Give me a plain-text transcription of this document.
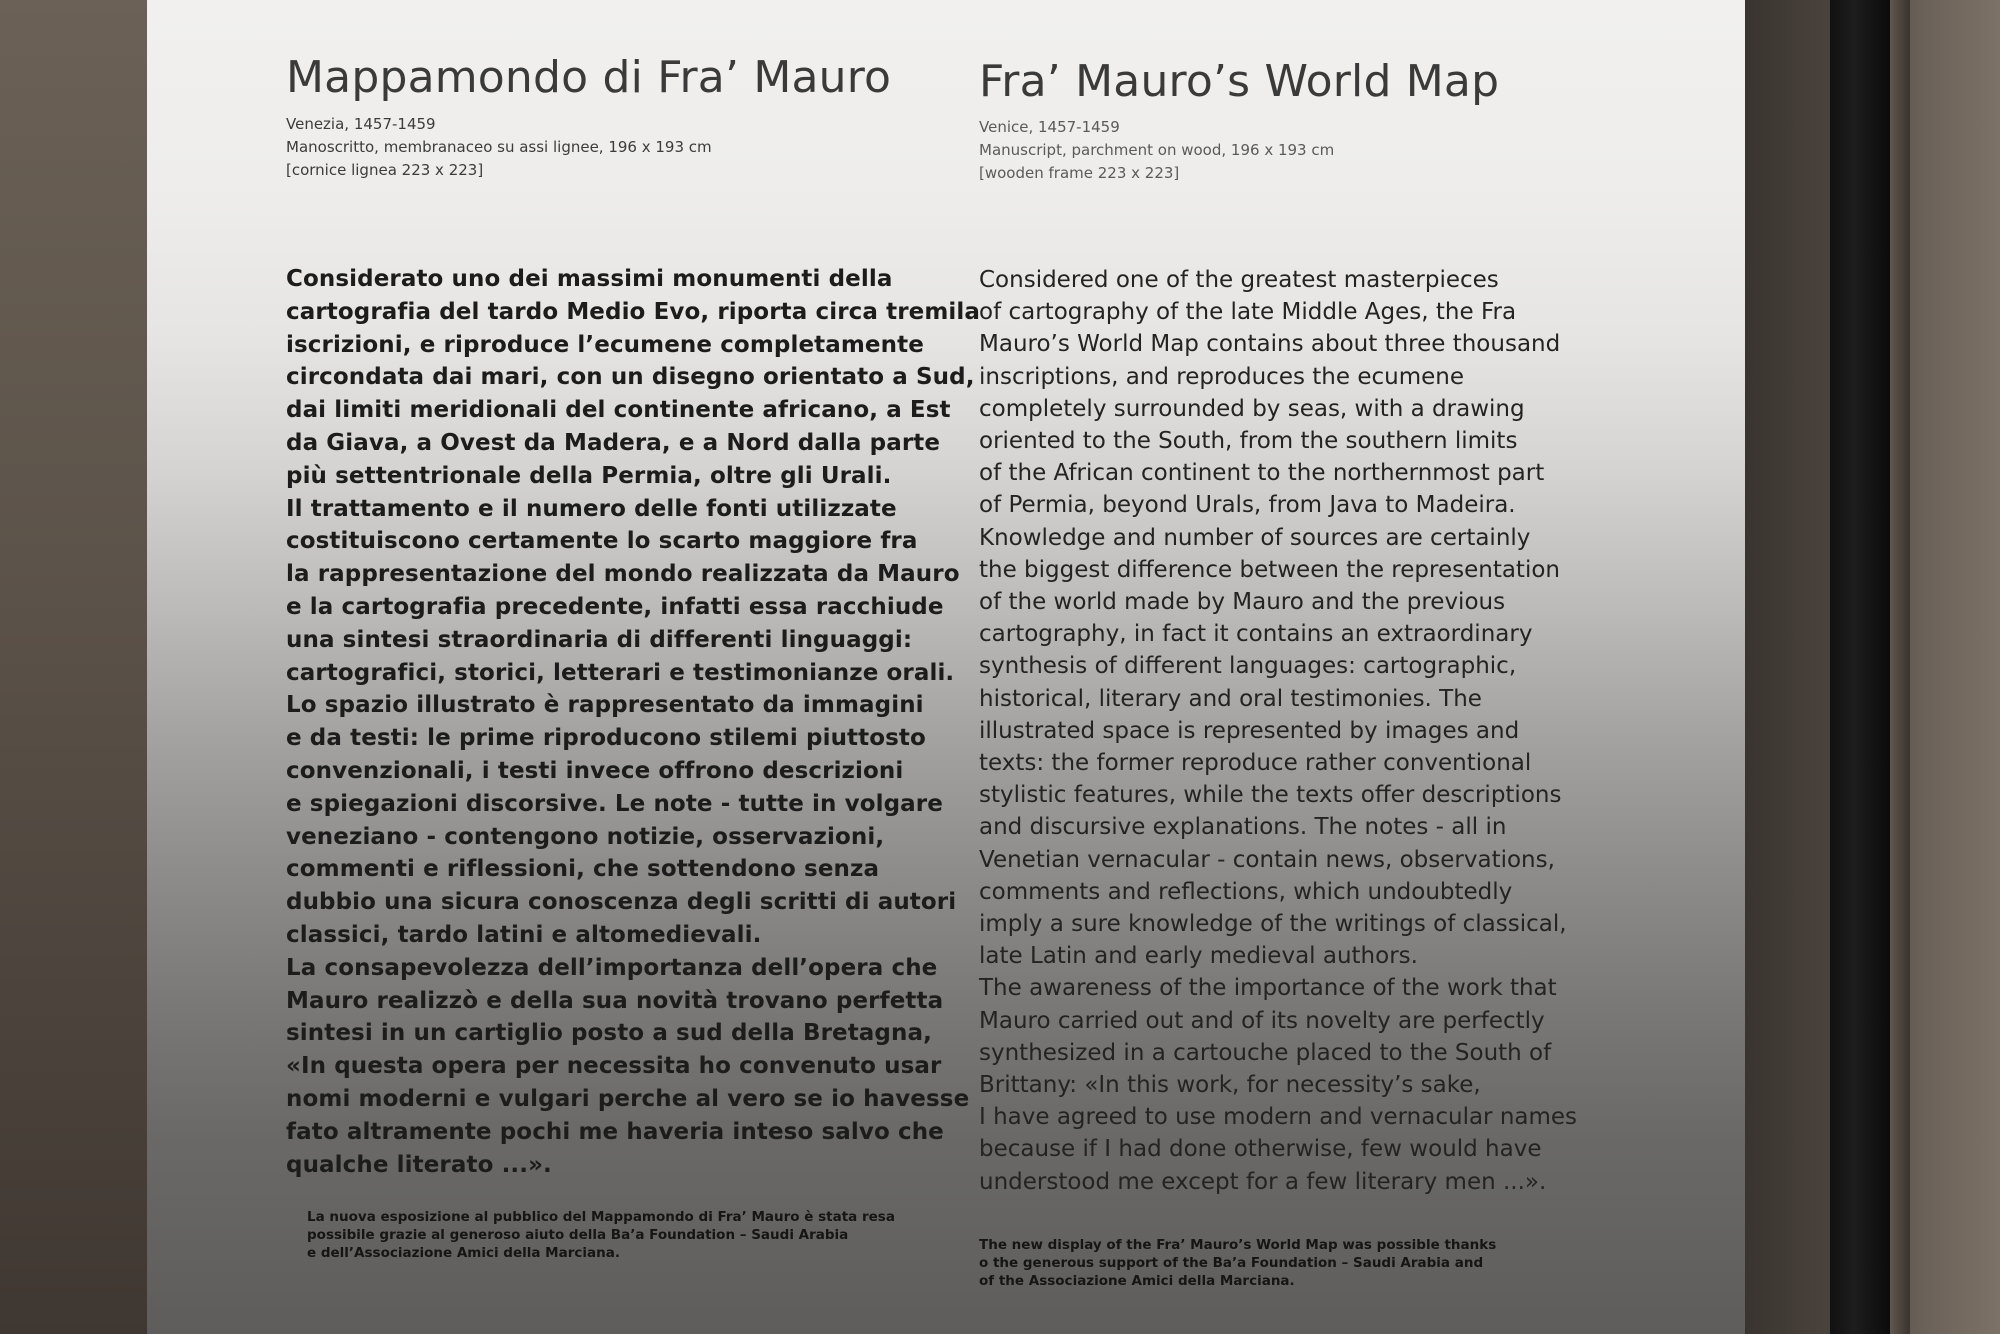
Mappamondo di Fra’ Mauro
Venezia, 1457-1459
Manoscritto, membranaceo su assi lignee, 196 x 193 cm
[cornice lignea 223 x 223]

Considerato uno dei massimi monumenti della

cartografia del tardo Medio Evo, riporta circa tremila

iscrizioni, e riproduce l’ecumene completamente

circondata dai mari, con un disegno orientato a Sud,

dai limiti meridionali del continente africano, a Est

da Giava, a Ovest da Madera, e a Nord dalla parte

più settentrionale della Permia, oltre gli Urali.

Il trattamento e il numero delle fonti utilizzate

costituiscono certamente lo scarto maggiore fra

la rappresentazione del mondo realizzata da Mauro

e la cartografia precedente, infatti essa racchiude

una sintesi straordinaria di differenti linguaggi:

cartografici, storici, letterari e testimonianze orali.

Lo spazio illustrato è rappresentato da immagini

e da testi: le prime riproducono stilemi piuttosto

convenzionali, i testi invece offrono descrizioni

e spiegazioni discorsive. Le note - tutte in volgare

veneziano - contengono notizie, osservazioni,

commenti e riflessioni, che sottendono senza

dubbio una sicura conoscenza degli scritti di autori

classici, tardo latini e altomedievali.

La consapevolezza dell’importanza dell’opera che

Mauro realizzò e della sua novità trovano perfetta

sintesi in un cartiglio posto a sud della Bretagna,

«In questa opera per necessita ho convenuto usar

nomi moderni e vulgari perche al vero se io havesse

fato altramente pochi me haveria inteso salvo che

qualche literato ...».

La nuova esposizione al pubblico del Mappamondo di Fra’ Mauro è stata resa

possibile grazie al generoso aiuto della Ba’a Foundation – Saudi Arabia

e dell’Associazione Amici della Marciana.

Fra’ Mauro’s World Map
Venice, 1457-1459
Manuscript, parchment on wood, 196 x 193 cm
[wooden frame 223 x 223]

Considered one of the greatest masterpieces

of cartography of the late Middle Ages, the Fra

Mauro’s World Map contains about three thousand

inscriptions, and reproduces the ecumene

completely surrounded by seas, with a drawing

oriented to the South, from the southern limits

of the African continent to the northernmost part

of Permia, beyond Urals, from Java to Madeira.

Knowledge and number of sources are certainly

the biggest difference between the representation

of the world made by Mauro and the previous

cartography, in fact it contains an extraordinary

synthesis of different languages: cartographic,

historical, literary and oral testimonies. The

illustrated space is represented by images and

texts: the former reproduce rather conventional

stylistic features, while the texts offer descriptions

and discursive explanations. The notes - all in

Venetian vernacular - contain news, observations,

comments and reflections, which undoubtedly

imply a sure knowledge of the writings of classical,

late Latin and early medieval authors.

The awareness of the importance of the work that

Mauro carried out and of its novelty are perfectly

synthesized in a cartouche placed to the South of

Brittany: «In this work, for necessity’s sake,

I have agreed to use modern and vernacular names

because if I had done otherwise, few would have

understood me except for a few literary men ...».

The new display of the Fra’ Mauro’s World Map was possible thanks

o the generous support of the Ba’a Foundation – Saudi Arabia and

of the Associazione Amici della Marciana.
